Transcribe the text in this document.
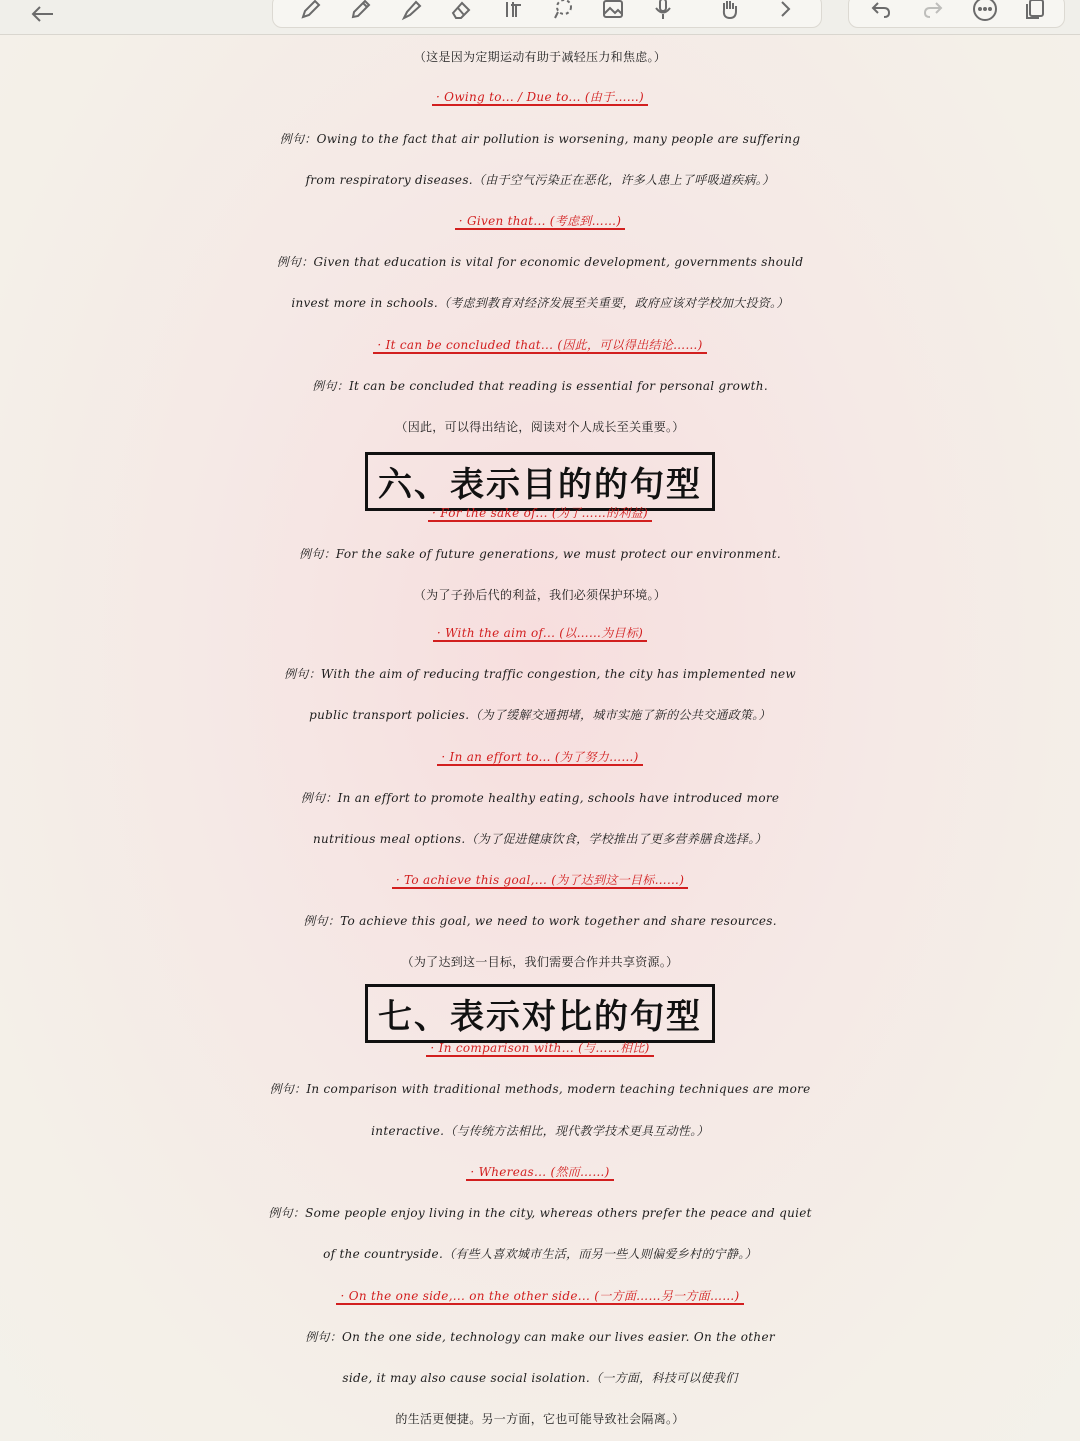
（这是因为定期运动有助于减轻压力和焦虑。）
· Owing to... / Due to... (由于……)
例句：Owing to the fact that air pollution is worsening, many people are suffering
from respiratory diseases.（由于空气污染正在恶化，许多人患上了呼吸道疾病。）
· Given that... (考虑到……)
例句：Given that education is vital for economic development, governments should
invest more in schools.（考虑到教育对经济发展至关重要，政府应该对学校加大投资。）
· It can be concluded that... (因此，可以得出结论……)
例句：It can be concluded that reading is essential for personal growth.
（因此，可以得出结论，阅读对个人成长至关重要。）
六、表示目的的句型
· For the sake of... (为了……的利益)
例句：For the sake of future generations, we must protect our environment.
（为了子孙后代的利益，我们必须保护环境。）
· With the aim of... (以……为目标)
例句：With the aim of reducing traffic congestion, the city has implemented new
public transport policies.（为了缓解交通拥堵，城市实施了新的公共交通政策。）
· In an effort to... (为了努力……)
例句：In an effort to promote healthy eating, schools have introduced more
nutritious meal options.（为了促进健康饮食，学校推出了更多营养膳食选择。）
· To achieve this goal,... (为了达到这一目标……)
例句：To achieve this goal, we need to work together and share resources.
（为了达到这一目标，我们需要合作并共享资源。）
七、表示对比的句型
· In comparison with... (与……相比)
例句：In comparison with traditional methods, modern teaching techniques are more
interactive.（与传统方法相比，现代教学技术更具互动性。）
· Whereas... (然而……)
例句：Some people enjoy living in the city, whereas others prefer the peace and quiet
of the countryside.（有些人喜欢城市生活，而另一些人则偏爱乡村的宁静。）
· On the one side,... on the other side... (一方面……另一方面……)
例句：On the one side, technology can make our lives easier. On the other
side, it may also cause social isolation.（一方面，科技可以使我们
的生活更便捷。另一方面，它也可能导致社会隔离。）
